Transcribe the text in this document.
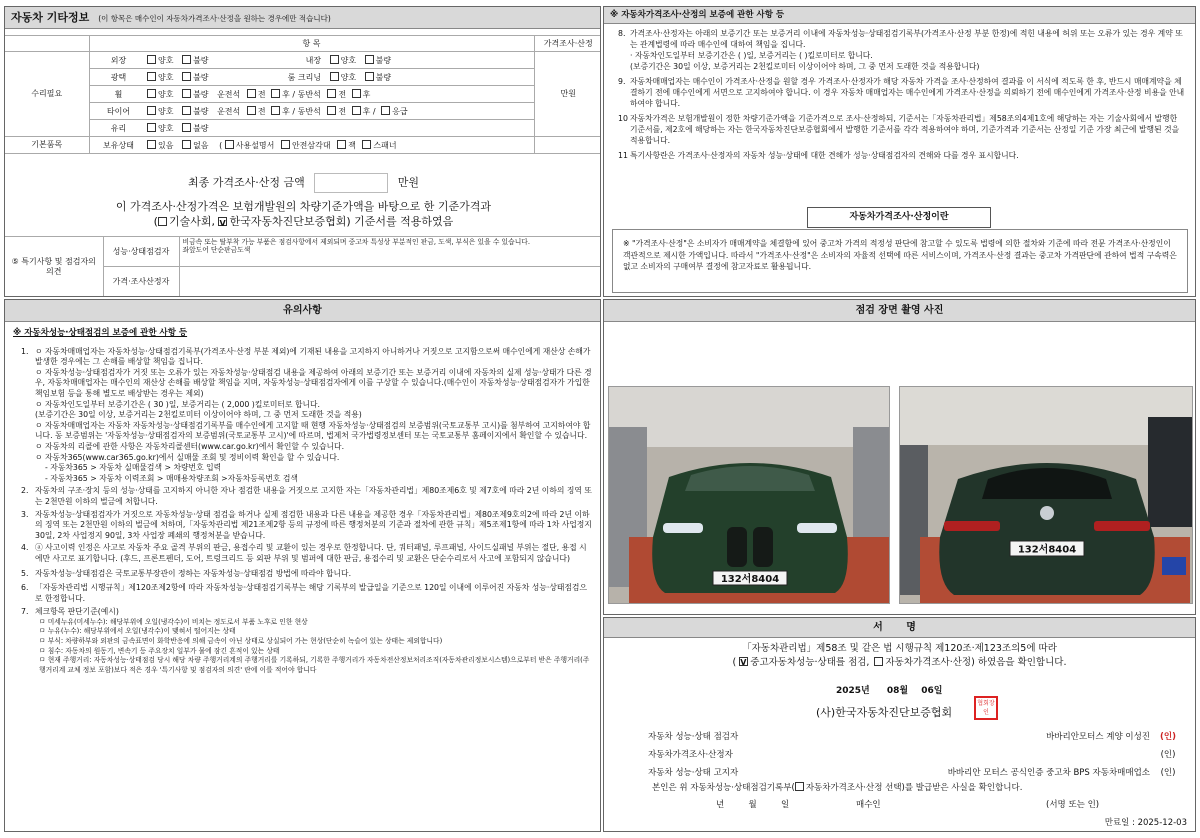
자동차 기타정보 (이 항목은 매수인이 자동차가격조사·산정을 원하는 경우에만 적습니다)
	항 목	가격조사·산정
수리필요	외장 양호 불량 내장 양호 불량	만원
	광택 양호 불량 룸 크리닝 양호 불량	
	휠 양호 불량 운전석 전 후 / 동반석 전 후	
	타이어 양호 불량 운전석 전 후 / 동반석 전 후 / 응급	
	유리 양호 불량	
기본품목	보유상태 있음 없음 ( 사용설명서 안전삼각대 잭 스패너	
최종 가격조사·산정 금액	만원
이 가격조사·산정가격은 보험개발원의 차량기준가액을 바탕으로 한 기준가격과
( 기술사회, V한국자동차진단보증협회) 기준서를 적용하였음
⑤ 특기사항 및 점검자의 의견	성능·상태점검자	비금속 또는 탈부착 가능 부품은 점검사항에서 제외되며 중고차 특성상 부분적인 판금, 도색, 부식은 있을 수 있습니다.
좌앞도어 단순판금도색

	가격·조사산정자	
※ 자동차가격조사·산정의 보증에 관한 사항 등
8. 가격조사·산정자는 아래의 보증기간 또는 보증거리 이내에 자동차성능·상태점검기록부(가격조사·산정 부분 한정)에 적힌 내용에 허위 또는 오류가 있는 경우 계약 또는 관계법령에 따라 매수인에 대하여 책임을 집니다.
· 자동차인도일부터 보증기간은 ( )일, 보증거리는 ( )킬로미터로 합니다.
(보증기간은 30일 이상, 보증거리는 2천킬로미터 이상이어야 하며, 그 중 먼저 도래한 것을 적용합니다)
9. 자동차매매업자는 매수인이 가격조사·산정을 원할 경우 가격조사·산정자가 해당 자동차 가격을 조사·산정하여 결과를 이 서식에 적도록 한 후, 반드시 매매계약을 체결하기 전에 매수인에게 서면으로 고지하여야 합니다. 이 경우 자동차 매매업자는 매수인에게 가격조사·산정을 의뢰하기 전에 매수인에게 가격조사·산정 비용을 안내하여야 합니다.
10 자동차가격은 보험개발원이 정한 차량기준가액을 기준가격으로 조사·산정하되, 기준서는「자동차관리법」제58조의4제1호에 해당하는 자는 기술사회에서 발행한 기준서를, 제2호에 해당하는 자는 한국자동차진단보증협회에서 발행한 기준서를 각각 적용하여야 하며, 기준가격과 기준서는 산정일 기준 가장 최근에 발행된 것을 적용합니다.
11 특기사항란은 가격조사·산정자의 자동차 성능·상태에 대한 견해가 성능·상태점검자의 견해와 다를 경우 표시합니다.
자동차가격조사·산정이란
※ "가격조사·산정"은 소비자가 매매계약을 체결함에 있어 중고차 가격의 적정성 판단에 참고할 수 있도록 법령에 의한 절차와 기준에 따라 전문 가격조사·산정인이 객관적으로 제시한 가액입니다. 따라서 "가격조사·산정"은 소비자의 자율적 선택에 따른 서비스이며, 가격조사·산정 결과는 중고차 가격판단에 관하여 법적 구속력은 없고 소비자의 구매여부 결정에 참고자료로 활용됩니다.
유의사항
※ 자동차성능·상태점검의 보증에 관한 사항 등
1. ㅇ 자동차매매업자는 자동차성능·상태점검기록부(가격조사·산정 부분 제외)에 기재된 내용을 고지하지 아니하거나 거짓으로 고지함으로써 매수인에게 재산상 손해가 발생한 경우에는 그 손해를 배상할 책임을 집니다.
ㅇ 자동차성능·상태점검자가 거짓 또는 오류가 있는 자동차성능·상태점검 내용을 제공하여 아래의 보증기간 또는 보증거리 이내에 자동차의 실제 성능·상태가 다른 경우, 자동차매매업자는 매수인의 재산상 손해를 배상할 책임을 지며, 자동차성능·상태점검자에게 이를 구상할 수 있습니다.(매수인이 자동차성능·상태점검자가 가입한 책임보험 등을 통해 별도로 배상받는 경우는 제외)
ㅇ 자동차인도일부터 보증기간은 ( 30 )일, 보증거리는 ( 2,000 )킬로미터로 합니다.
(보증기간은 30일 이상, 보증거리는 2천킬로미터 이상이어야 하며, 그 중 먼저 도래한 것을 적용)
ㅇ 자동차매매업자는 자동차 자동차성능·상태점검기록부를 매수인에게 고지할 때 현행 자동차성능·상태점검의 보증범위(국토교통부 고시)를 첨부하여 고지하여야 합니다. 동 보증범위는 '자동차성능·상태점검자의 보증범위(국토교통부 고시)'에 따르며, 법제처 국가법령정보센터 또는 국토교통부 홈페이지에서 확인할 수 있습니다.
ㅇ 자동차의 리콜에 관한 사항은 자동차리콜센터(www.car.go.kr)에서 확인할 수 있습니다.
ㅇ 자동차365(www.car365.go.kr)에서 실매물 조회 및 정비이력 확인을 할 수 있습니다.
- 자동차365 > 자동차 실매물검색 > 차량번호 입력
- 자동차365 > 자동차 이력조회 > 매매용차량조회 >자동차등록번호 검색
2. 자동차의 구조·장치 등의 성능·상태를 고지하지 아니한 자나 점검한 내용을 거짓으로 고지한 자는「자동차관리법」제80조제6호 및 제7호에 따라 2년 이하의 징역 또는 2천만원 이하의 벌금에 처합니다.
3. 자동차성능·상태점검자가 거짓으로 자동차성능·상태 점검을 하거나 실제 점검한 내용과 다른 내용을 제공한 경우「자동차관리법」제80조제9호의2에 따라 2년 이하의 징역 또는 2천만원 이하의 벌금에 처하며,「자동차관리법 제21조제2항 등의 규정에 따른 행정처분의 기준과 절차에 관한 규칙」제5조제1항에 따라 1차 사업정지 30일, 2차 사업정지 90일, 3차 사업장 폐쇄의 행정처분을 받습니다.
4. ⓐ 사고이력 인정은 사고로 자동차 주요 골격 부위의 판금, 용접수리 및 교환이 있는 경우로 한정합니다. 단, 쿼터패널, 루프패널, 사이드실패널 부위는 절단, 용접 시에만 사고로 표기합니다. (후드, 프론트펜더, 도어, 트렁크리드 등 외판 부위 및 범퍼에 대한 판금, 용접수리 및 교환은 단순수리로서 사고에 포함되지 않습니다)
5. 자동차성능·상태점검은 국토교통부장관이 정하는 자동차성능·상태점검 방법에 따라야 합니다.
6. 「자동차관리법 시행규칙」제120조제2항에 따라 자동차성능·상태점검기록부는 해당 기록부의 발급일을 기준으로 120일 이내에 이루어진 자동차 성능·상태점검으로 한정합니다.
7. 체크항목 판단기준(예시)
ㅁ 미세누유(미세누수): 해당부위에 오일(냉각수)이 비치는 정도로서 부품 노후로 인한 현상
ㅁ 누유(누수): 해당부위에서 오일(냉각수)이 맺혀서 떨어지는 상태
ㅁ 부식: 차량하부와 외판의 금속표면이 화학반응에 의해 금속이 아닌 상태로 상실되어 가는 현상(단순히 녹슬어 있는 상태는 제외합니다)
ㅁ 침수: 자동차의 원동기, 변속기 등 주요장치 일부가 물에 잠긴 흔적이 있는 상태
ㅁ 현재 주행거리: 자동차성능·상태점검 당시 해당 차량 주행거리계의 주행거리를 기록하되, 기록한 주행거리가 자동차전산정보처리조직(자동차관리정보시스템)으로부터 받은 주행거리(주행거리계 교체 정보 포함)보다 적은 경우 '특기사항 및 점검자의 의견' 란에 이를 적어야 합니다
점검 장면 촬영 사진
132서8404
132서8404
서 명
「자동차관리법」제58조 및 같은 법 시행규칙 제120조·제123조의5에 따라
( V중고자동차성능·상태를 점검, 자동차가격조사·산정) 하였음을 확인합니다.
2025년 08월 06일
(사)한국자동차진단보증협회
협회장인
자동차 성능·상태 점검자	바바리안모터스 계양 이성진	(인)
자동차가격조사·산정자	(인)
자동차 성능·상태 고지자	바바리안 모터스 공식인증 중고차 BPS 자동차매매업소	(인)
본인은 위 자동차성능·상태점검기록부( 자동차가격조사·산정 선택)를 발급받은 사실을 확인합니다.
년         월         일	매수인	(서명 또는 인)
만료일 : 2025-12-03
